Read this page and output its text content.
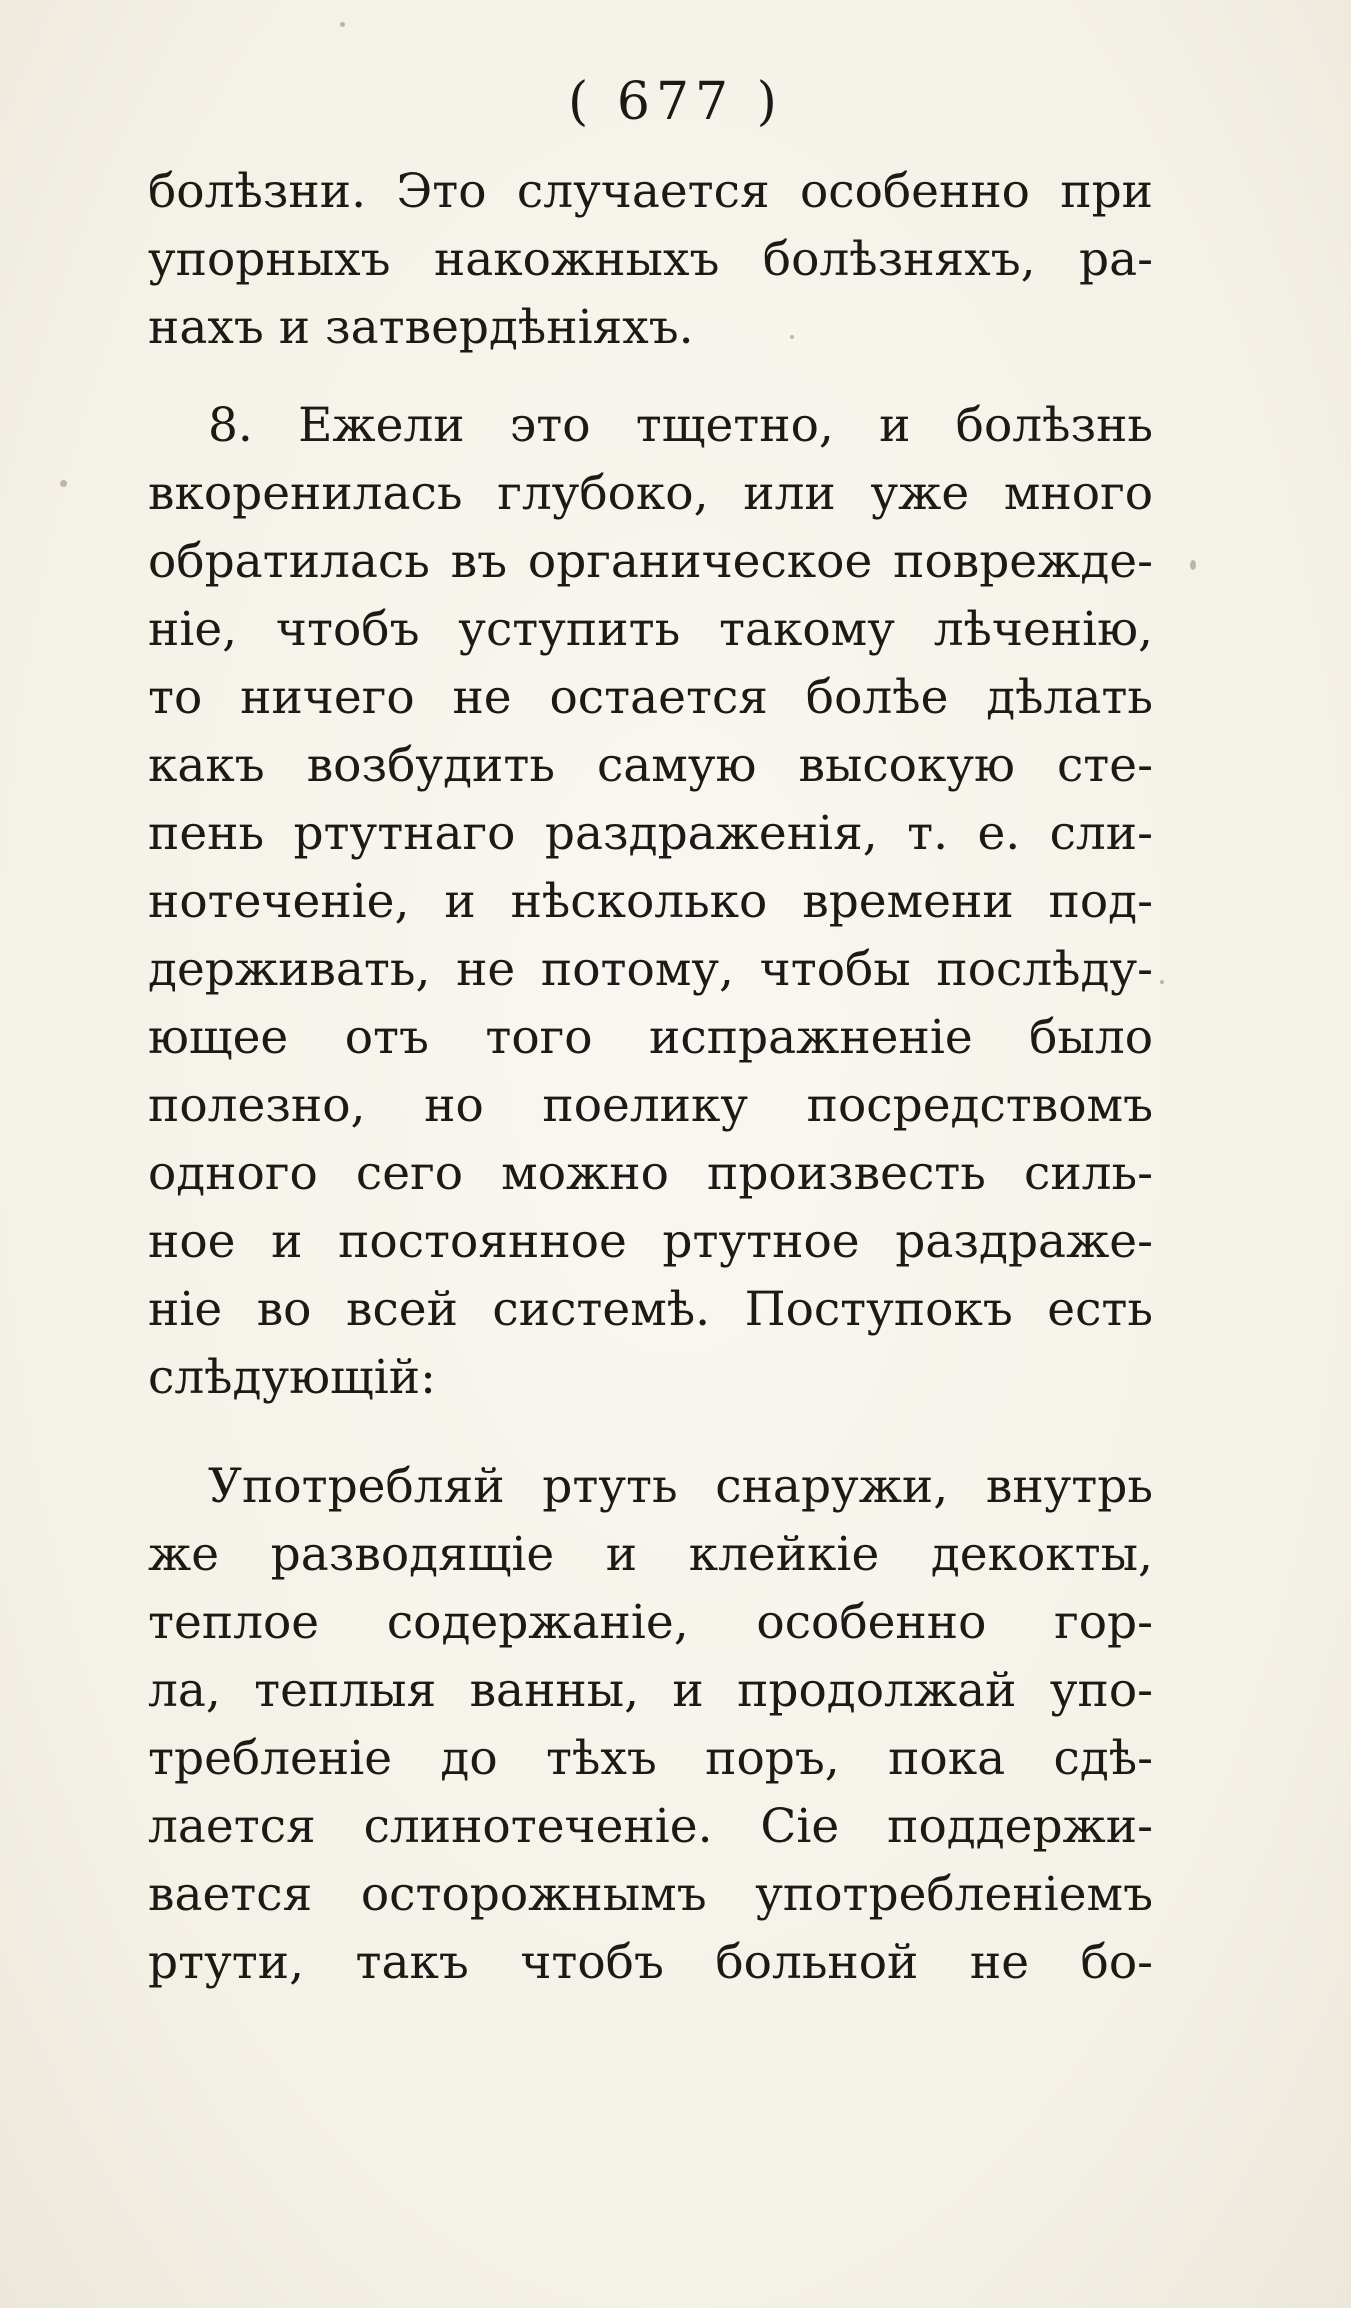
( 677 )
болѣзни. Это случается особенно при
упорныхъ накожныхъ болѣзняхъ, ра-
нахъ и затвердѣнiяхъ.
8. Ежели это тщетно, и болѣзнь
вкоренилась глубоко, или уже много
обратилась въ органическое поврежде-
нiе, чтобъ уступить такому лѣченiю,
то ничего не остается болѣе дѣлать
какъ возбудить самую высокую сте-
пень ртутнаго раздраженiя, т. е. сли-
нотеченiе, и нѣсколько времени под-
держивать, не потому, чтобы послѣду-
ющее отъ того испражненiе было
полезно, но поелику посредствомъ
одного сего можно произвесть силь-
ное и постоянное ртутное раздраже-
нiе во всей системѣ. Поступокъ есть
слѣдующiй:
Употребляй ртуть снаружи, внутрь
же разводящiе и клейкiе декокты,
теплое содержанiе, особенно гор-
ла, теплыя ванны, и продолжай упо-
требленiе до тѣхъ поръ, пока сдѣ-
лается слинотеченiе. Сiе поддержи-
вается осторожнымъ употребленiемъ
ртути, такъ чтобъ больной не бо-
